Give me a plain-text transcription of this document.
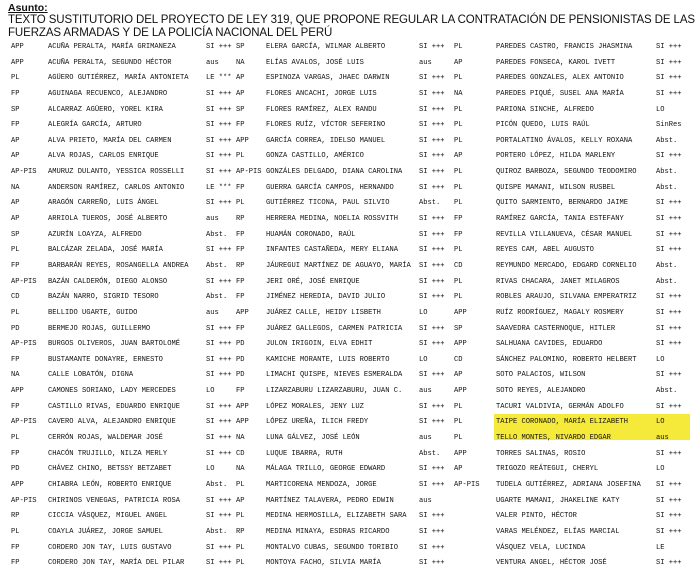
Asunto:
TEXTO SUSTITUTORIO DEL PROYECTO DE LEY 319, QUE PROPONE REGULAR LA CONTRATACIÓN DE PENSIONISTAS DE LAS FUERZAS ARMADAS Y DE LA POLICÍA NACIONAL DEL PERÚ
APP	ACUÑA PERALTA, MARÍA GRIMANEZA	SI +++
APP	ACUÑA PERALTA, SEGUNDO HÉCTOR	aus
PL	AGÜERO GUTIÉRREZ, MARÍA ANTONIETA	LE ***
FP	AGUINAGA RECUENCO, ALEJANDRO	SI +++
SP	ALCARRAZ AGÜERO, YOREL KIRA	SI +++
FP	ALEGRÍA GARCÍA, ARTURO	SI +++
AP	ALVA PRIETO, MARÍA DEL CARMEN	SI +++
AP	ALVA ROJAS, CARLOS ENRIQUE	SI +++
AP-PIS	AMURUZ DULANTO, YESSICA ROSSELLI	SI +++
NA	ANDERSON RAMÍREZ, CARLOS ANTONIO	LE ***
AP	ARAGÓN CARREÑO, LUIS ÁNGEL	SI +++
AP	ARRIOLA TUEROS, JOSÉ ALBERTO	aus
SP	AZURÍN LOAYZA, ALFREDO	Abst.
PL	BALCÁZAR ZELADA, JOSÉ MARÍA	SI +++
FP	BARBARÁN REYES, ROSANGELLA ANDREA	Abst.
AP-PIS	BAZÁN CALDERÓN, DIEGO ALONSO	SI +++
CD	BAZÁN NARRO, SIGRID TESORO	Abst.
PL	BELLIDO UGARTE, GUIDO	aus
PD	BERMEJO ROJAS, GUILLERMO	SI +++
AP-PIS	BURGOS OLIVEROS, JUAN BARTOLOMÉ	SI +++
FP	BUSTAMANTE DONAYRE, ERNESTO	SI +++
NA	CALLE LOBATÓN, DIGNA	SI +++
APP	CAMONES SORIANO, LADY MERCEDES	LO
FP	CASTILLO RIVAS, EDUARDO ENRIQUE	SI +++
AP-PIS	CAVERO ALVA, ALEJANDRO ENRIQUE	SI +++
PL	CERRÓN ROJAS, WALDEMAR JOSÉ	SI +++
FP	CHACÓN TRUJILLO, NILZA MERLY	SI +++
PD	CHÁVEZ CHINO, BETSSY BETZABET	LO
APP	CHIABRA LEÓN, ROBERTO ENRIQUE	Abst.
AP-PIS	CHIRINOS VENEGAS, PATRICIA ROSA	SI +++
RP	CICCIA VÁSQUEZ, MIGUEL ANGEL	SI +++
PL	COAYLA JUÁREZ, JORGE SAMUEL	Abst.
FP	CORDERO JON TAY, LUIS GUSTAVO	SI +++
FP	CORDERO JON TAY, MARÍA DEL PILAR	SI +++
SP	ELERA GARCÍA, WILMAR ALBERTO	SI +++
NA	ELÍAS AVALOS, JOSÉ LUIS	aus
AP	ESPINOZA VARGAS, JHAEC DARWIN	SI +++
AP	FLORES ANCACHI, JORGE LUIS	SI +++
SP	FLORES RAMÍREZ, ALEX RANDU	SI +++
FP	FLORES RUÍZ, VÍCTOR SEFERINO	SI +++
APP	GARCÍA CORREA, IDELSO MANUEL	SI +++
PL	GONZA CASTILLO, AMÉRICO	SI +++
AP-PIS GONZÁLES DELGADO, DIANA CAROLINA	SI +++
FP	GUERRA GARCÍA CAMPOS, HERNANDO	SI +++
PL	GUTIÉRREZ TICONA, PAUL SILVIO	Abst.
RP	HERRERA MEDINA, NOELIA ROSSVITH	SI +++
FP	HUAMÁN CORONADO, RAÚL	SI +++
FP	INFANTES CASTAÑEDA, MERY ELIANA	SI +++
RP	JÁUREGUI MARTÍNEZ DE AGUAYO, MARÍA	SI +++
FP	JERI ORÉ, JOSÉ ENRIQUE	SI +++
FP	JIMÉNEZ HEREDIA, DAVID JULIO	SI +++
APP	JUÁREZ CALLE, HEIDY LISBETH	LO
FP	JUÁREZ GALLEGOS, CARMEN PATRICIA	SI +++
PD	JULON IRIGOIN, ELVA EDHIT	SI +++
PD	KAMICHE MORANTE, LUIS ROBERTO	LO
PD	LIMACHI QUISPE, NIEVES ESMERALDA	SI +++
FP	LIZARZABURU LIZARZABURU, JUAN C.	aus
APP	LÓPEZ MORALES, JENY LUZ	SI +++
APP	LÓPEZ UREÑA, ILICH FREDY	SI +++
NA	LUNA GÁLVEZ, JOSÉ LEÓN	aus
CD	LUQUE IBARRA, RUTH	Abst.
NA	MÁLAGA TRILLO, GEORGE EDWARD	SI +++
PL	MARTICORENA MENDOZA, JORGE	SI +++
AP	MARTÍNEZ TALAVERA, PEDRO EDWIN	aus
PL	MEDINA HERMOSILLA, ELIZABETH SARA	SI +++
RP	MEDINA MINAYA, ESDRAS RICARDO	SI +++
PL	MONTALVO CUBAS, SEGUNDO TORIBIO	SI +++
PL	MONTOYA FACHO, SILVIA MARÍA	SI +++
PL	PAREDES CASTRO, FRANCIS JHASMINA	SI +++
AP	PAREDES FONSECA, KAROL IVETT	SI +++
PL	PAREDES GONZALES, ALEX ANTONIO	SI +++
NA	PAREDES PIQUÉ, SUSEL ANA MARÍA	SI +++
PL	PARIONA SINCHE, ALFREDO	LO
PL	PICÓN QUEDO, LUIS RAÚL	SinRes
PL	PORTALATINO ÁVALOS, KELLY ROXANA	Abst.
AP	PORTERO LÓPEZ, HILDA MARLENY	SI +++
PL	QUIROZ BARBOZA, SEGUNDO TEODOMIRO	Abst.
PL	QUISPE MAMANI, WILSON RUSBEL	Abst.
PL	QUITO SARMIENTO, BERNARDO JAIME	SI +++
FP	RAMÍREZ GARCÍA, TANIA ESTEFANY	SI +++
FP	REVILLA VILLANUEVA, CÉSAR MANUEL	SI +++
PL	REYES CAM, ABEL AUGUSTO	SI +++
CD	REYMUNDO MERCADO, EDGARD CORNELIO	Abst.
PL	RIVAS CHACARA, JANET MILAGROS	Abst.
PL	ROBLES ARAUJO, SILVANA EMPERATRIZ	SI +++
APP	RUÍZ RODRÍGUEZ, MAGALY ROSMERY	SI +++
SP	SAAVEDRA CASTERNOQUE, HITLER	SI +++
APP	SALHUANA CAVIDES, EDUARDO	SI +++
CD	SÁNCHEZ PALOMINO, ROBERTO HELBERT	LO
AP	SOTO PALACIOS, WILSON	SI +++
APP	SOTO REYES, ALEJANDRO	Abst.
PL	TACURI VALDIVIA, GERMÁN ADOLFO	SI +++
PL	TAIPE CORONADO, MARÍA ELIZABETH	LO
PL	TELLO MONTES, NIVARDO EDGAR	aus
APP	TORRES SALINAS, ROSIO	SI +++
AP	TRIGOZO REÁTEGUI, CHERYL	LO
AP-PIS	TUDELA GUTIÉRREZ, ADRIANA JOSEFINA	SI +++
UGARTE MAMANI, JHAKELINE KATY	SI +++
VALER PINTO, HÉCTOR	SI +++
VARAS MELÉNDEZ, ELÍAS MARCIAL	SI +++
VÁSQUEZ VELA, LUCINDA	LE
VENTURA ANGEL, HÉCTOR JOSÉ	SI +++
